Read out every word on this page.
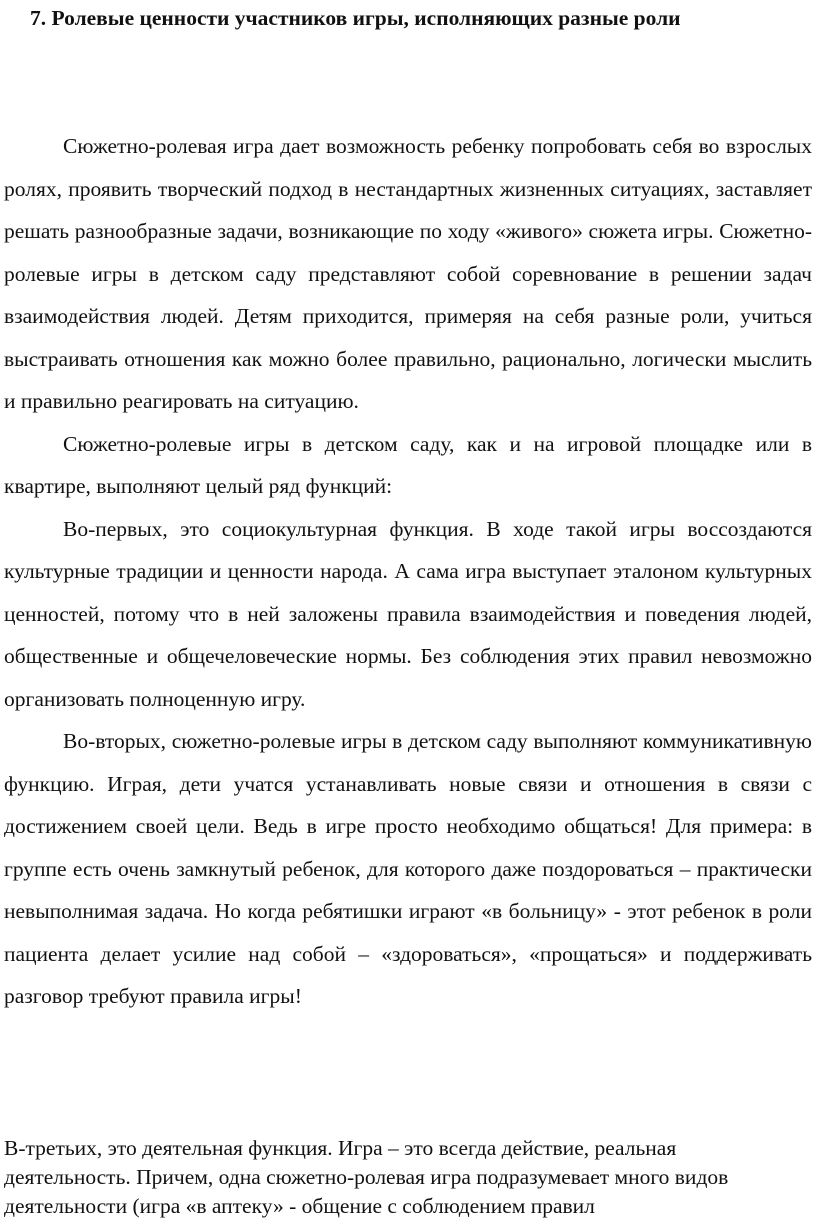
7. Ролевые ценности участников игры, исполняющих разные роли

Сюжетно-ролевая игра дает возможность ребенку попробовать себя во взрослых ролях, проявить творческий подход в нестандартных жизненных ситуациях, заставляет решать разнообразные задачи, возникающие по ходу «живого» сюжета игры. Сюжетно-ролевые игры в детском саду представляют собой соревнование в решении задач взаимодействия людей. Детям приходится, примеряя на себя разные роли, учиться выстраивать отношения как можно более правильно, рационально, логически мыслить и правильно реагировать на ситуацию.

Сюжетно-ролевые игры в детском саду, как и на игровой площадке или в квартире, выполняют целый ряд функций:

Во-первых, это социокультурная функция. В ходе такой игры воссоздаются культурные традиции и ценности народа. А сама игра выступает эталоном культурных ценностей, потому что в ней заложены правила взаимодействия и поведения людей, общественные и общечеловеческие нормы. Без соблюдения этих правил невозможно организовать полноценную игру.

Во-вторых, сюжетно-ролевые игры в детском саду выполняют коммуникативную функцию. Играя, дети учатся устанавливать новые связи и отношения в связи с достижением своей цели. Ведь в игре просто необходимо общаться! Для примера: в группе есть очень замкнутый ребенок, для которого даже поздороваться – практически невыполнимая задача. Но когда ребятишки играют «в больницу» - этот ребенок в роли пациента делает усилие над собой – «здороваться», «прощаться» и поддерживать разговор требуют правила игры!

В-третьих, это деятельная функция. Игра – это всегда действие, реальная деятельность. Причем, одна сюжетно-ролевая игра подразумевает много видов деятельности (игра «в аптеку» - общение с соблюдением правил
